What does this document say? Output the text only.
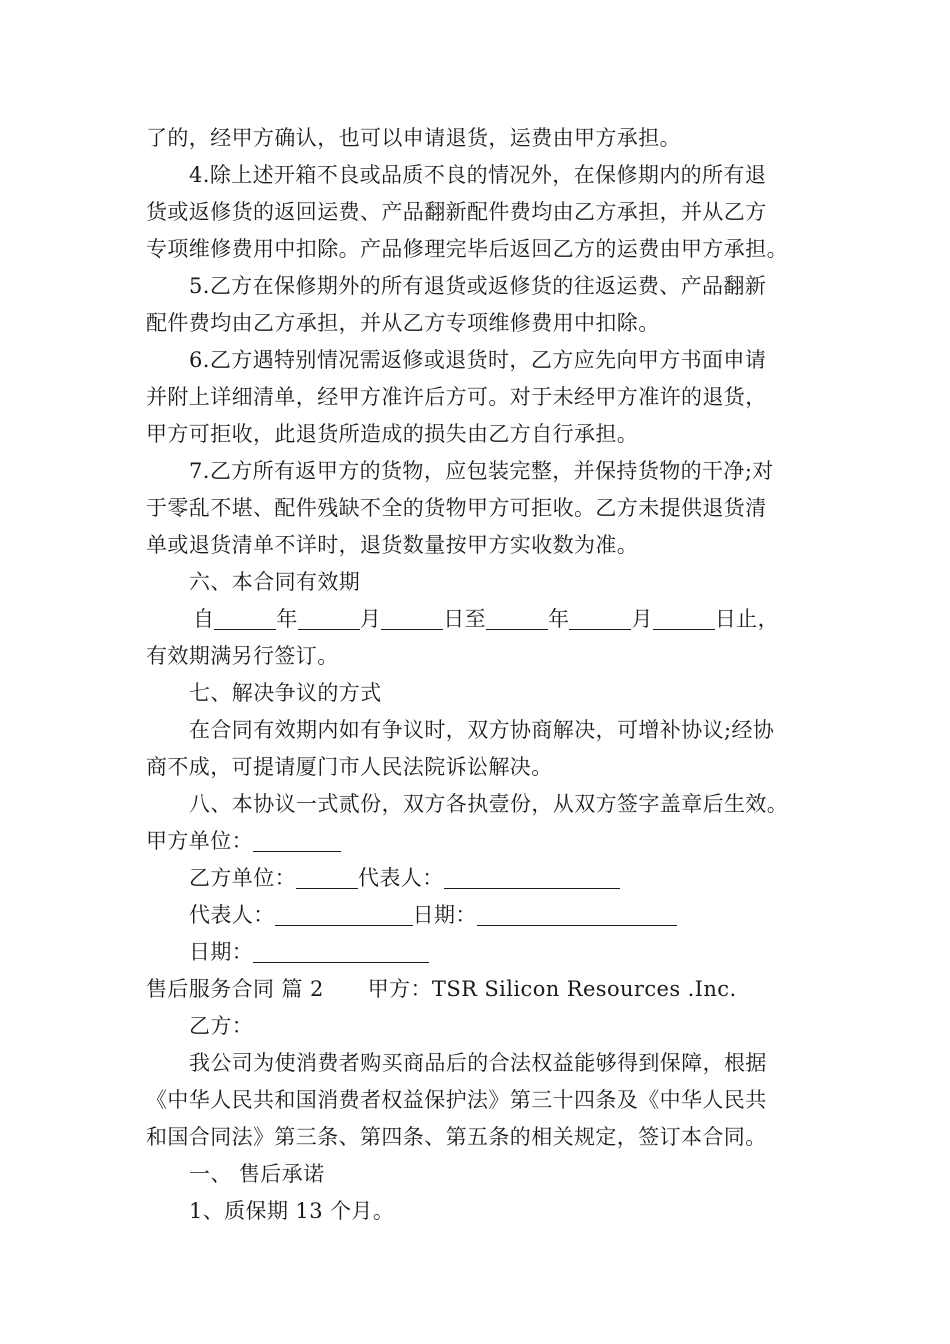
了的，经甲方确认，也可以申请退货，运费由甲方承担。
4.除上述开箱不良或品质不良的情况外，在保修期内的所有退
货或返修货的返回运费、产品翻新配件费均由乙方承担，并从乙方
专项维修费用中扣除。产品修理完毕后返回乙方的运费由甲方承担。
5.乙方在保修期外的所有退货或返修货的往返运费、产品翻新
配件费均由乙方承担，并从乙方专项维修费用中扣除。
6.乙方遇特别情况需返修或退货时，乙方应先向甲方书面申请
并附上详细清单，经甲方准许后方可。对于未经甲方准许的退货，
甲方可拒收，此退货所造成的损失由乙方自行承担。
7.乙方所有返甲方的货物，应包装完整，并保持货物的干净;对
于零乱不堪、配件残缺不全的货物甲方可拒收。乙方未提供退货清
单或退货清单不详时，退货数量按甲方实收数为准。
六、本合同有效期
自	年	月	日至	年	月	日止，
有效期满另行签订。
七、解决争议的方式
在合同有效期内如有争议时，双方协商解决，可增补协议;经协
商不成，可提请厦门市人民法院诉讼解决。
八、本协议一式贰份，双方各执壹份，从双方签字盖章后生效。
甲方单位：
乙方单位：	代表人：
代表人：	日期：
日期：
售后服务合同 篇 2 甲方：TSR Silicon Resources .Inc.
乙方：
我公司为使消费者购买商品后的合法权益能够得到保障，根据
《中华人民共和国消费者权益保护法》第三十四条及《中华人民共
和国合同法》第三条、第四条、第五条的相关规定，签订本合同。
一、 售后承诺
1、质保期 13 个月。
